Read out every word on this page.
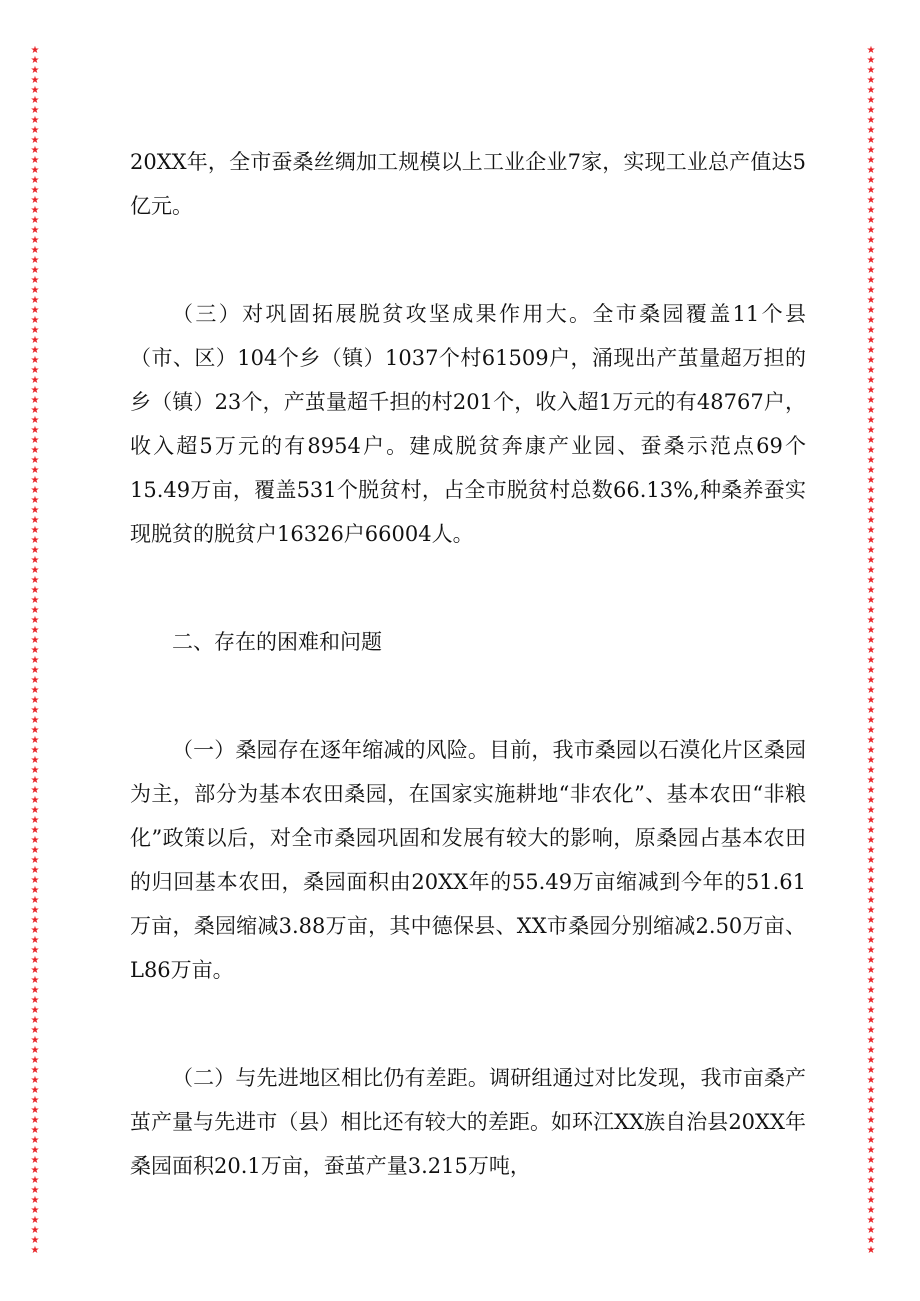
★★★★★★★★★★★★★★★★★★★★★★★★★★★★★★★★★★★★★★★★★★★★★★★★★★★★★★★★★★★★★★★★★★★★★★★★★★★★★★★★★★★★★★★★★★★★★★★★★★★★★★★★★★★★★★★★★★★★★★★★★
★★★★★★★★★★★★★★★★★★★★★★★★★★★★★★★★★★★★★★★★★★★★★★★★★★★★★★★★★★★★★★★★★★★★★★★★★★★★★★★★★★★★★★★★★★★★★★★★★★★★★★★★★★★★★★★★★★★★★★★★★

20XX年，全市蚕桑丝绸加工规模以上工业企业7家，实现工业总产值达5亿元。

（三）对巩固拓展脱贫攻坚成果作用大。全市桑园覆盖11个县（市、区）104个乡（镇）1037个村61509户，涌现出产茧量超万担的乡（镇）23个，产茧量超千担的村201个，收入超1万元的有48767户，收入超5万元的有8954户。建成脱贫奔康产业园、蚕桑示范点69个15.49万亩，覆盖531个脱贫村，占全市脱贫村总数66.13%,种桑养蚕实现脱贫的脱贫户16326户66004人。

二、存在的困难和问题

（一）桑园存在逐年缩减的风险。目前，我市桑园以石漠化片区桑园为主，部分为基本农田桑园，在国家实施耕地“非农化”、基本农田“非粮化”政策以后，对全市桑园巩固和发展有较大的影响，原桑园占基本农田的归回基本农田，桑园面积由20XX年的55.49万亩缩减到今年的51.61万亩，桑园缩减3.88万亩，其中德保县、XX市桑园分别缩减2.50万亩、L86万亩。

（二）与先进地区相比仍有差距。调研组通过对比发现，我市亩桑产茧产量与先进市（县）相比还有较大的差距。如环江XX族自治县20XX年桑园面积20.1万亩，蚕茧产量3.215万吨，
